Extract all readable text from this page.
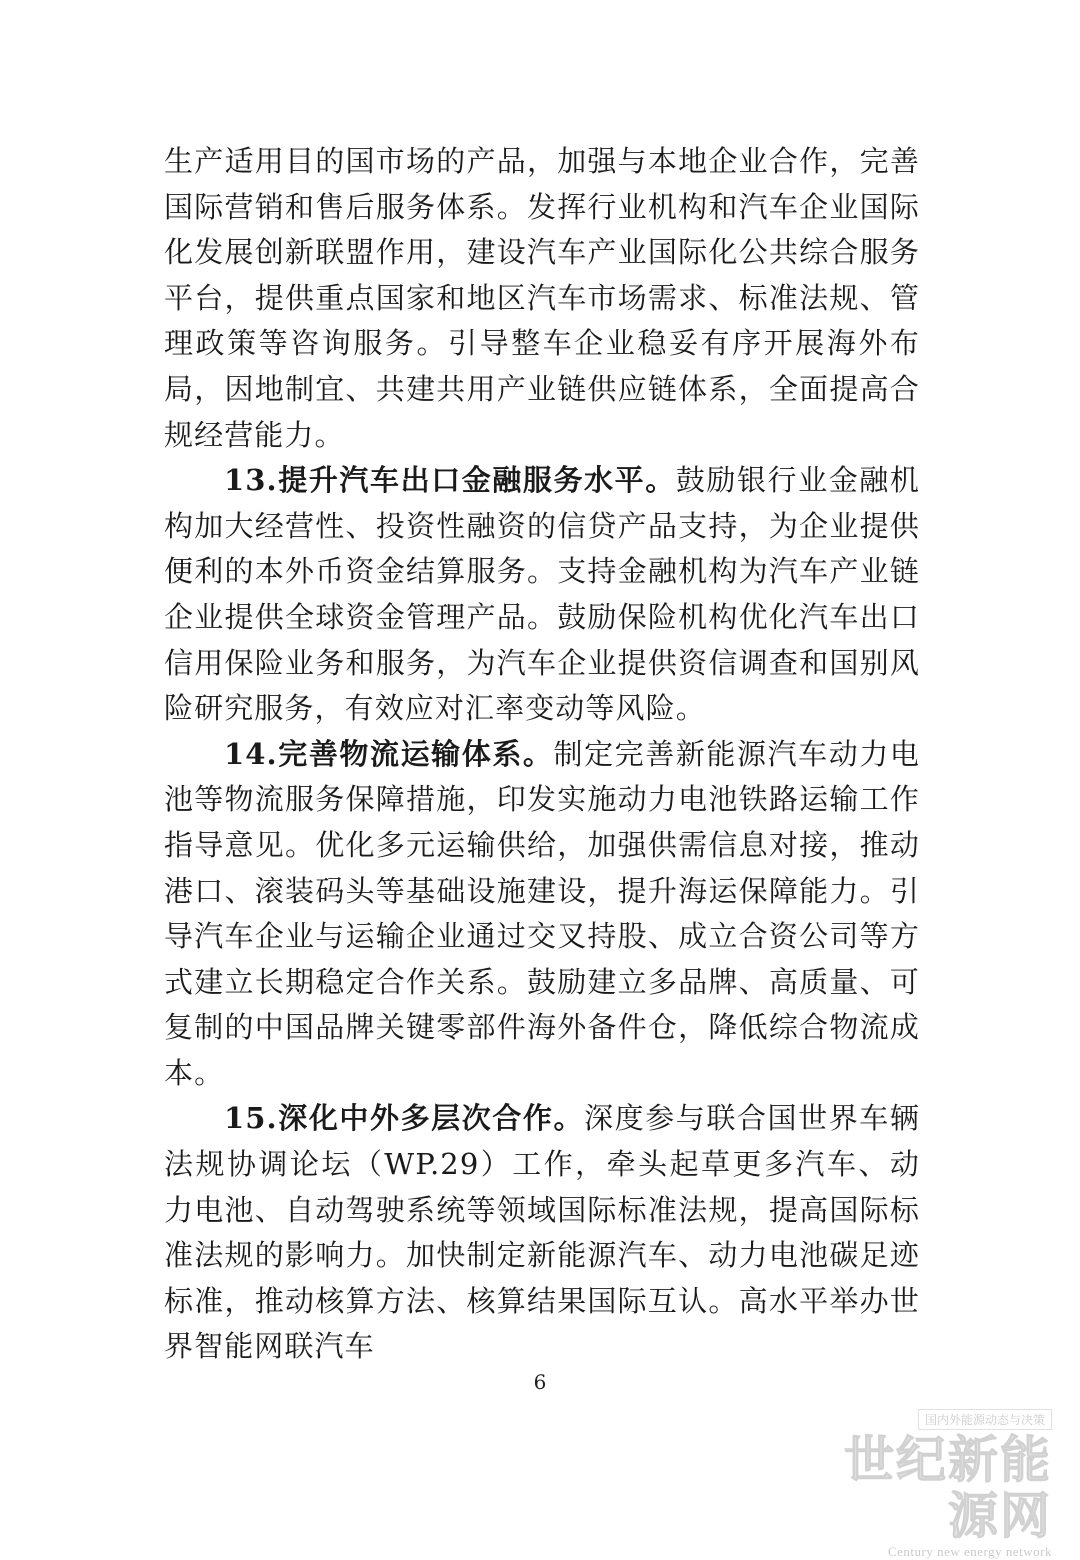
生产适用目的国市场的产品，加强与本地企业合作，完善国际营销和售后服务体系。发挥行业机构和汽车企业国际化发展创新联盟作用，建设汽车产业国际化公共综合服务平台，提供重点国家和地区汽车市场需求、标准法规、管理政策等咨询服务。引导整车企业稳妥有序开展海外布局，因地制宜、共建共用产业链供应链体系，全面提高合规经营能力。

13.提升汽车出口金融服务水平。鼓励银行业金融机构加大经营性、投资性融资的信贷产品支持，为企业提供便利的本外币资金结算服务。支持金融机构为汽车产业链企业提供全球资金管理产品。鼓励保险机构优化汽车出口信用保险业务和服务，为汽车企业提供资信调查和国别风险研究服务，有效应对汇率变动等风险。

14.完善物流运输体系。制定完善新能源汽车动力电池等物流服务保障措施，印发实施动力电池铁路运输工作指导意见。优化多元运输供给，加强供需信息对接，推动港口、滚装码头等基础设施建设，提升海运保障能力。引导汽车企业与运输企业通过交叉持股、成立合资公司等方式建立长期稳定合作关系。鼓励建立多品牌、高质量、可复制的中国品牌关键零部件海外备件仓，降低综合物流成本。

15.深化中外多层次合作。深度参与联合国世界车辆法规协调论坛（WP.29）工作，牵头起草更多汽车、动力电池、自动驾驶系统等领域国际标准法规，提高国际标准法规的影响力。加快制定新能源汽车、动力电池碳足迹标准，推动核算方法、核算结果国际互认。高水平举办世界智能网联汽车

6
国内外能源动态与决策
世纪新能源网
Century new energy network
